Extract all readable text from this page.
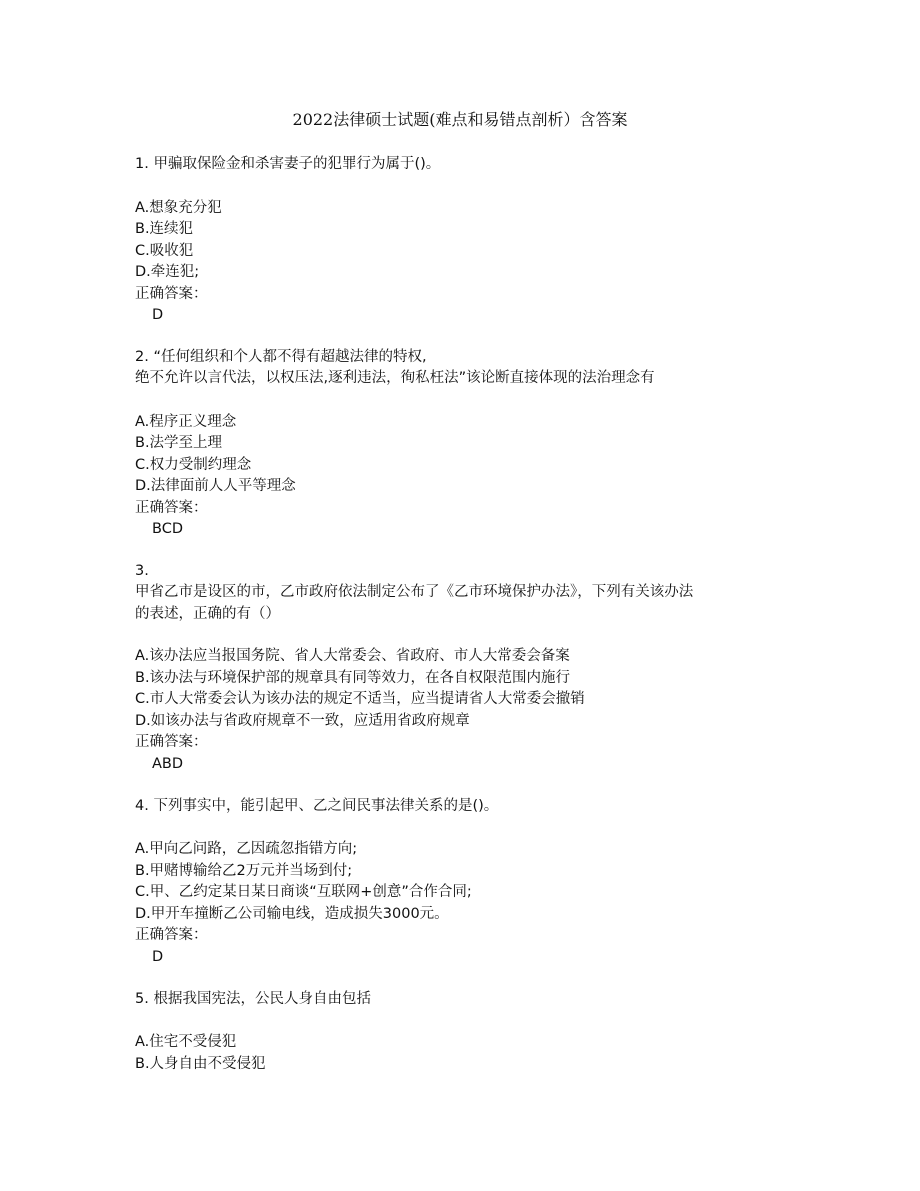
2022法律硕士试题(难点和易错点剖析）含答案
1. 甲骗取保险金和杀害妻子的犯罪行为属于()。
A.想象充分犯
B.连续犯
C.吸收犯
D.牵连犯;
正确答案：
D
2. “任何组织和个人都不得有超越法律的特权,
绝不允许以言代法，以权压法,逐利违法，徇私枉法”该论断直接体现的法治理念有
A.程序正义理念
B.法学至上理
C.权力受制约理念
D.法律面前人人平等理念
正确答案：
BCD
3.
甲省乙市是设区的市，乙市政府依法制定公布了《乙市环境保护办法》，下列有关该办法
的表述，正确的有（）
A.该办法应当报国务院、省人大常委会、省政府、市人大常委会备案
B.该办法与环境保护部的规章具有同等效力，在各自权限范围内施行
C.市人大常委会认为该办法的规定不适当，应当提请省人大常委会撤销
D.如该办法与省政府规章不一致，应适用省政府规章
正确答案：
ABD
4. 下列事实中，能引起甲、乙之间民事法律关系的是()。
A.甲向乙问路，乙因疏忽指错方向;
B.甲赌博输给乙2万元并当场到付;
C.甲、乙约定某日某日商谈“互联网+创意”合作合同;
D.甲开车撞断乙公司输电线，造成损失3000元。
正确答案：
D
5. 根据我国宪法，公民人身自由包括
A.住宅不受侵犯
B.人身自由不受侵犯
